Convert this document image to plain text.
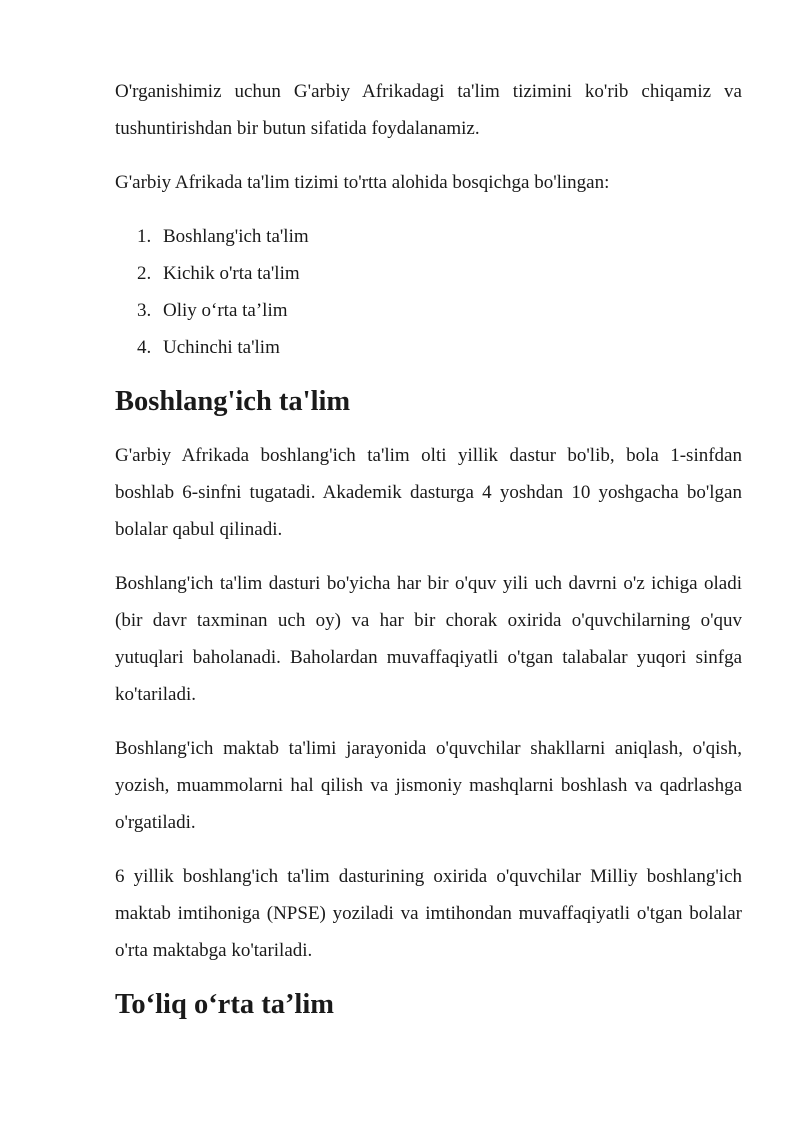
O'rganishimiz uchun G'arbiy Afrikadagi ta'lim tizimini ko'rib chiqamiz va tushuntirishdan bir butun sifatida foydalanamiz.

G'arbiy Afrikada ta'lim tizimi to'rtta alohida bosqichga bo'lingan:

1. Boshlang'ich ta'lim
2. Kichik o'rta ta'lim
3. Oliy o‘rta ta’lim
4. Uchinchi ta'lim
Boshlang'ich ta'lim

G'arbiy Afrikada boshlang'ich ta'lim olti yillik dastur bo'lib, bola 1-sinfdan boshlab 6-sinfni tugatadi. Akademik dasturga 4 yoshdan 10 yoshgacha bo'lgan bolalar qabul qilinadi.

Boshlang'ich ta'lim dasturi bo'yicha har bir o'quv yili uch davrni o'z ichiga oladi (bir davr taxminan uch oy) va har bir chorak oxirida o'quvchilarning o'quv yutuqlari baholanadi. Baholardan muvaffaqiyatli o'tgan talabalar yuqori sinfga ko'tariladi.

Boshlang'ich maktab ta'limi jarayonida o'quvchilar shakllarni aniqlash, o'qish, yozish, muammolarni hal qilish va jismoniy mashqlarni boshlash va qadrlashga o'rgatiladi.

6 yillik boshlang'ich ta'lim dasturining oxirida o'quvchilar Milliy boshlang'ich maktab imtihoniga (NPSE) yoziladi va imtihondan muvaffaqiyatli o'tgan bolalar o'rta maktabga ko'tariladi.

To‘liq o‘rta ta’lim
